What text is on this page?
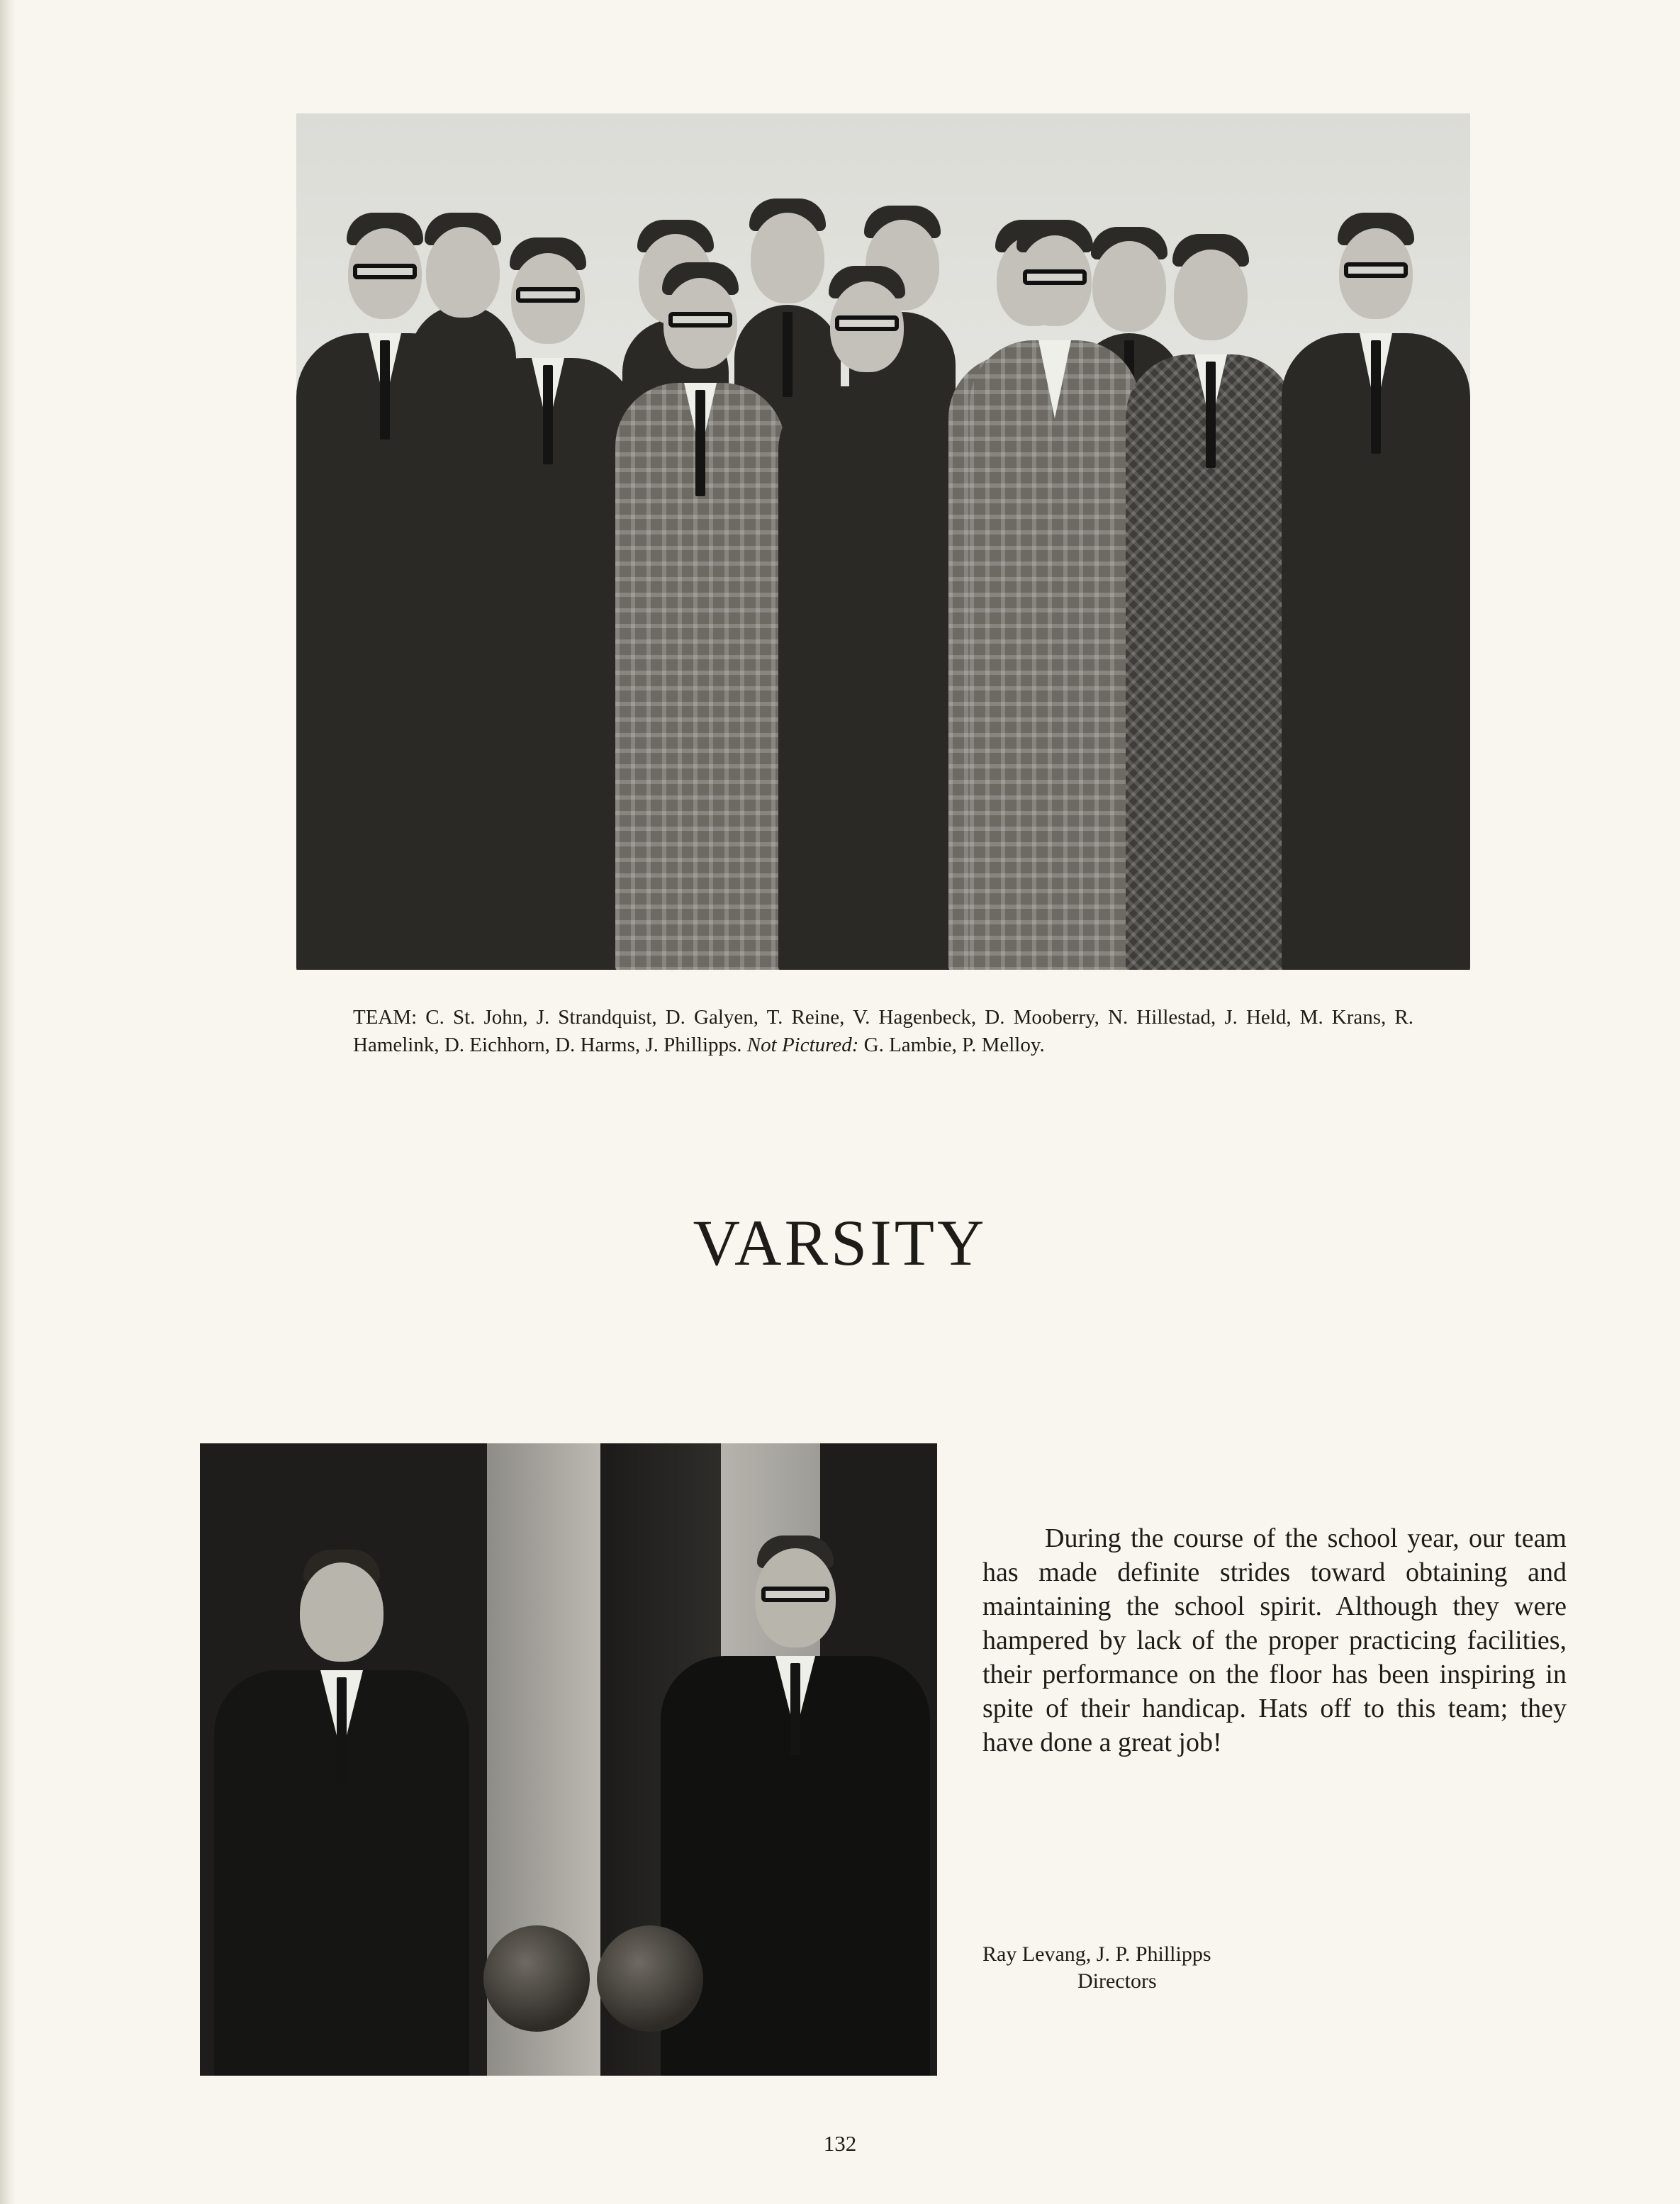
TEAM: C. St. John, J. Strandquist, D. Galyen, T. Reine, V. Hagenbeck, D. Mooberry, N. Hillestad, J. Held, M. Krans, R. Hamelink, D. Eichhorn, D. Harms, J. Phillipps. Not Pictured: G. Lambie, P. Melloy.
VARSITY

During the course of the school year, our team has made definite strides toward obtaining and maintaining the school spirit. Although they were hampered by lack of the proper practicing facilities, their performance on the floor has been inspiring in spite of their handicap. Hats off to this team; they have done a great job!

Ray Levang, J. P. Phillipps
Directors
132
